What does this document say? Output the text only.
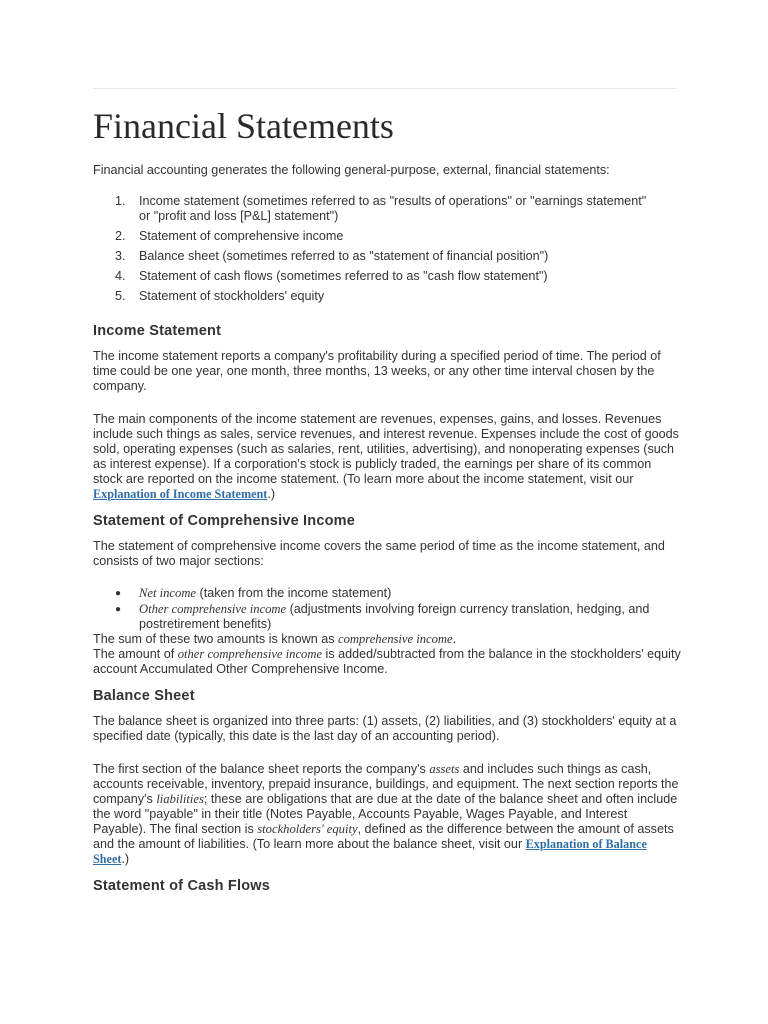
Financial Statements
Financial accounting generates the following general-purpose, external, financial statements:
1. Income statement (sometimes referred to as "results of operations" or "earnings statement" or "profit and loss [P&L] statement")
2. Statement of comprehensive income
3. Balance sheet (sometimes referred to as "statement of financial position")
4. Statement of cash flows (sometimes referred to as "cash flow statement")
5. Statement of stockholders' equity
Income Statement
The income statement reports a company's profitability during a specified period of time. The period of time could be one year, one month, three months, 13 weeks, or any other time interval chosen by the company.
The main components of the income statement are revenues, expenses, gains, and losses. Revenues include such things as sales, service revenues, and interest revenue. Expenses include the cost of goods sold, operating expenses (such as salaries, rent, utilities, advertising), and nonoperating expenses (such as interest expense). If a corporation's stock is publicly traded, the earnings per share of its common stock are reported on the income statement. (To learn more about the income statement, visit our Explanation of Income Statement.)
Statement of Comprehensive Income
The statement of comprehensive income covers the same period of time as the income statement, and consists of two major sections:
● Net income (taken from the income statement)
● Other comprehensive income (adjustments involving foreign currency translation, hedging, and postretirement benefits)
The sum of these two amounts is known as comprehensive income.
The amount of other comprehensive income is added/subtracted from the balance in the stockholders' equity account Accumulated Other Comprehensive Income.
Balance Sheet
The balance sheet is organized into three parts: (1) assets, (2) liabilities, and (3) stockholders' equity at a specified date (typically, this date is the last day of an accounting period).
The first section of the balance sheet reports the company's assets and includes such things as cash, accounts receivable, inventory, prepaid insurance, buildings, and equipment. The next section reports the company's liabilities; these are obligations that are due at the date of the balance sheet and often include the word "payable" in their title (Notes Payable, Accounts Payable, Wages Payable, and Interest Payable). The final section is stockholders' equity, defined as the difference between the amount of assets and the amount of liabilities. (To learn more about the balance sheet, visit our Explanation of Balance Sheet.)
Statement of Cash Flows
